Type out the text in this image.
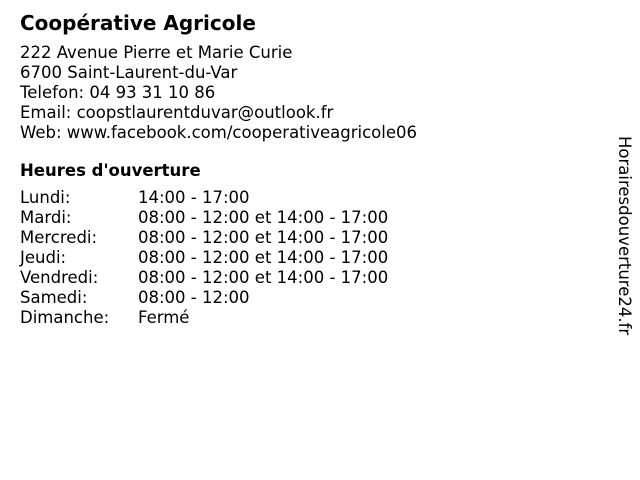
Coopérative Agricole
222 Avenue Pierre et Marie Curie
6700 Saint-Laurent-du-Var
Telefon: 04 93 31 10 86
Email: coopstlaurentduvar@outlook.fr
Web: www.facebook.com/cooperativeagricole06
Heures d'ouverture
Lundi:	14:00 - 17:00
Mardi:	08:00 - 12:00 et 14:00 - 17:00
Mercredi:	08:00 - 12:00 et 14:00 - 17:00
Jeudi:	08:00 - 12:00 et 14:00 - 17:00
Vendredi:	08:00 - 12:00 et 14:00 - 17:00
Samedi:	08:00 - 12:00
Dimanche:	Fermé	Horairesdouverture24.fr
